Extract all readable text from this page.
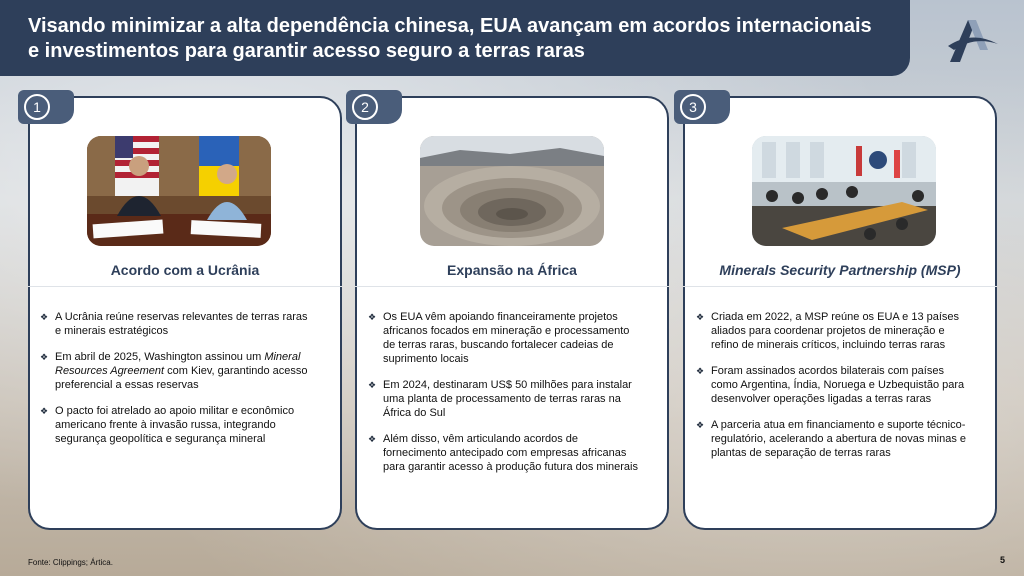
Visando minimizar a alta dependência chinesa, EUA avançam em acordos internacionais e investimentos para garantir acesso seguro a terras raras
1
Acordo com a Ucrânia
❖ A Ucrânia reúne reservas relevantes de terras raras e minerais estratégicos
❖ Em abril de 2025, Washington assinou um Mineral Resources Agreement com Kiev, garantindo acesso preferencial a essas reservas
❖ O pacto foi atrelado ao apoio militar e econômico americano frente à invasão russa, integrando segurança geopolítica e segurança mineral
2
Expansão na África
❖ Os EUA vêm apoiando financeiramente projetos africanos focados em mineração e processamento de terras raras, buscando fortalecer cadeias de suprimento locais
❖ Em 2024, destinaram US$ 50 milhões para instalar uma planta de processamento de terras raras na África do Sul
❖ Além disso, vêm articulando acordos de fornecimento antecipado com empresas africanas para garantir acesso à produção futura dos minerais
3
Minerals Security Partnership (MSP)
❖ Criada em 2022, a MSP reúne os EUA e 13 países aliados para coordenar projetos de mineração e refino de minerais críticos, incluindo terras raras
❖ Foram assinados acordos bilaterais com países como Argentina, Índia, Noruega e Uzbequistão para desenvolver operações ligadas a terras raras
❖ A parceria atua em financiamento e suporte técnico-regulatório, acelerando a abertura de novas minas e plantas de separação de terras raras
Fonte: Clippings; Ártica.	5
